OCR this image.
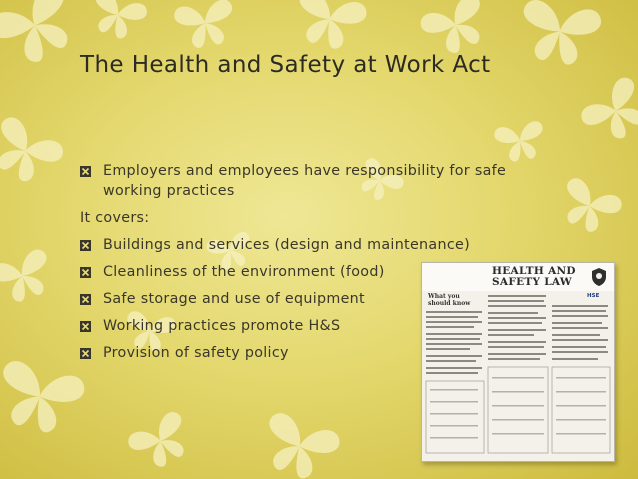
The Health and Safety at Work Act
Employers and employees have responsibility for safe working practices
It covers:
Buildings and services (design and maintenance)
Cleanliness of the environment (food)
Safe storage and use of equipment
Working practices promote H&S
Provision of safety policy

HEALTH AND SAFETY LAW

What you should know

HSE
